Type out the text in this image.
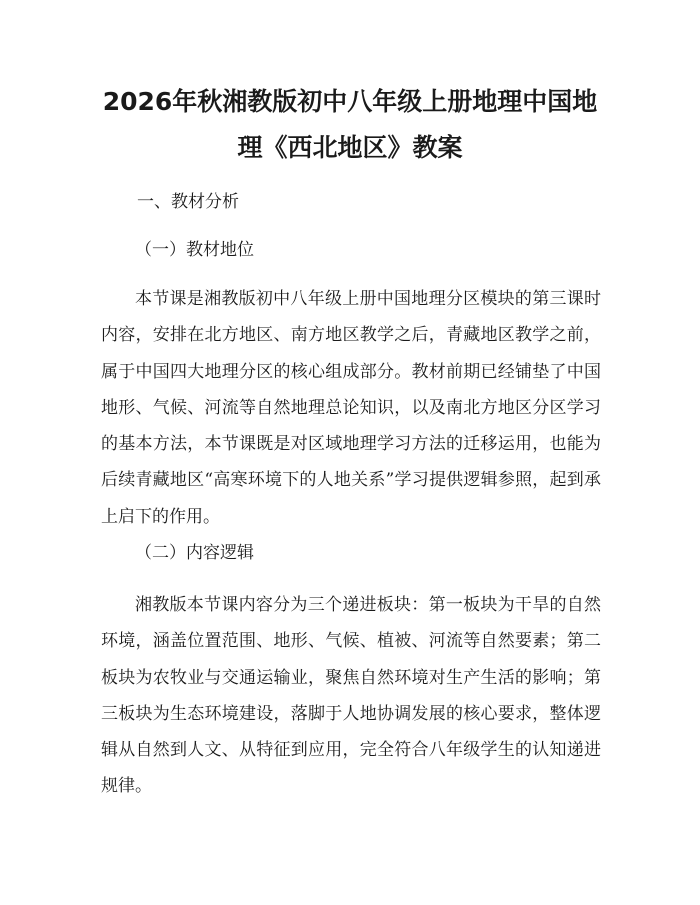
2026年秋湘教版初中八年级上册地理中国地
理《西北地区》教案

一、教材分析

（一）教材地位

本节课是湘教版初中八年级上册中国地理分区模块的第三课时内容，安排在北方地区、南方地区教学之后，青藏地区教学之前，属于中国四大地理分区的核心组成部分。教材前期已经铺垫了中国地形、气候、河流等自然地理总论知识，以及南北方地区分区学习的基本方法，本节课既是对区域地理学习方法的迁移运用，也能为后续青藏地区“高寒环境下的人地关系”学习提供逻辑参照，起到承上启下的作用。

（二）内容逻辑

湘教版本节课内容分为三个递进板块：第一板块为干旱的自然环境，涵盖位置范围、地形、气候、植被、河流等自然要素；第二板块为农牧业与交通运输业，聚焦自然环境对生产生活的影响；第三板块为生态环境建设，落脚于人地协调发展的核心要求，整体逻辑从自然到人文、从特征到应用，完全符合八年级学生的认知递进规律。
